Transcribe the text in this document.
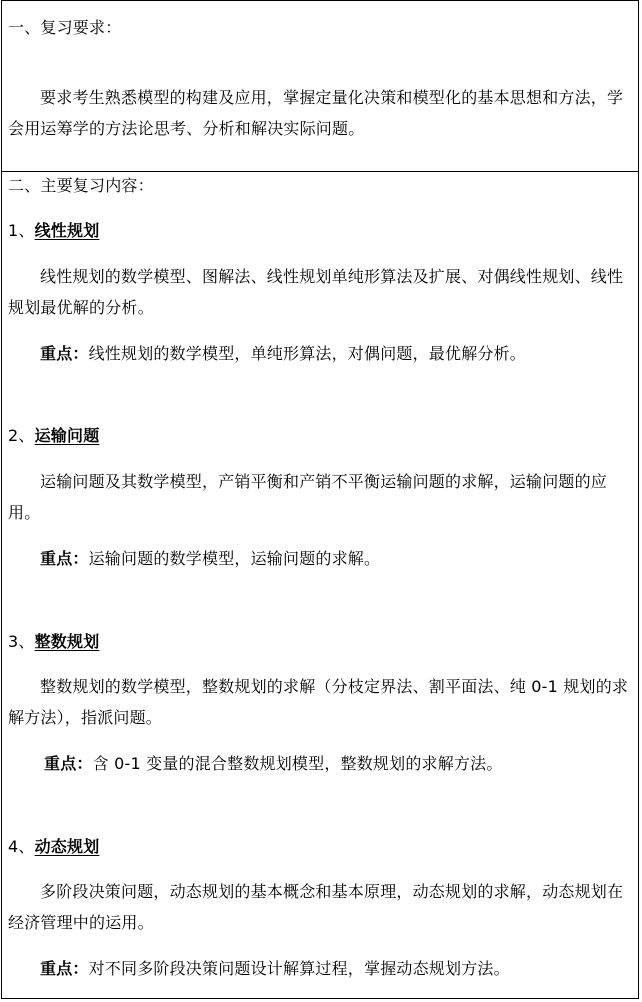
一、复习要求：
要求考生熟悉模型的构建及应用，掌握定量化决策和模型化的基本思想和方法，学会用运筹学的方法论思考、分析和解决实际问题。
二、主要复习内容：
1、线性规划
线性规划的数学模型、图解法、线性规划单纯形算法及扩展、对偶线性规划、线性规划最优解的分析。
重点：线性规划的数学模型，单纯形算法，对偶问题，最优解分析。
2、运输问题
运输问题及其数学模型，产销平衡和产销不平衡运输问题的求解，运输问题的应用。
重点：运输问题的数学模型，运输问题的求解。
3、整数规划
整数规划的数学模型，整数规划的求解（分枝定界法、割平面法、纯 0-1 规划的求解方法），指派问题。
重点：含 0-1 变量的混合整数规划模型，整数规划的求解方法。
4、动态规划
多阶段决策问题，动态规划的基本概念和基本原理，动态规划的求解，动态规划在经济管理中的运用。
重点：对不同多阶段决策问题设计解算过程，掌握动态规划方法。
